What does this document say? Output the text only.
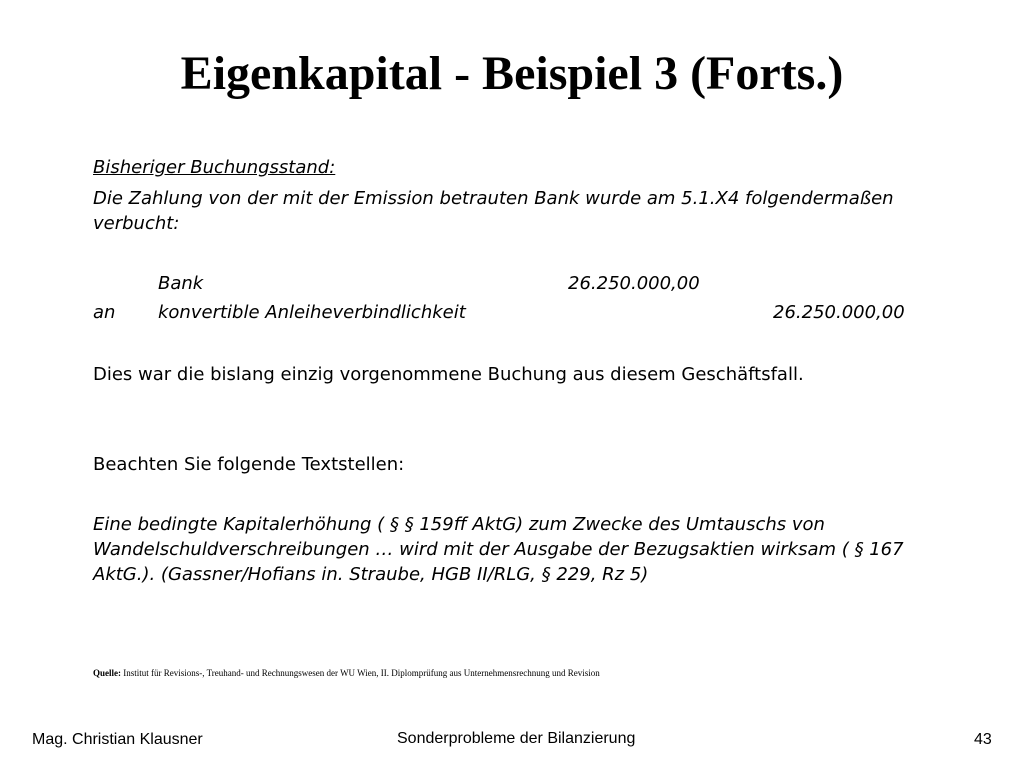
Eigenkapital - Beispiel 3 (Forts.)
Bisheriger Buchungsstand:
Die Zahlung von der mit der Emission betrauten Bank wurde am 5.1.X4 folgendermaßen
verbucht:
Bank	26.250.000,00
an konvertible Anleiheverbindlichkeit	26.250.000,00
Dies war die bislang einzig vorgenommene Buchung aus diesem Geschäftsfall.
Beachten Sie folgende Textstellen:
Eine bedingte Kapitalerhöhung ( § § 159ff AktG) zum Zwecke des Umtauschs von
Wandelschuldverschreibungen … wird mit der Ausgabe der Bezugsaktien wirksam ( § 167
AktG.). (Gassner/Hofians in. Straube, HGB II/RLG, § 229, Rz 5)
Quelle: Institut für Revisions-, Treuhand- und Rechnungswesen der WU Wien, II. Diplomprüfung aus Unternehmensrechnung und Revision
Mag. Christian Klausner	Sonderprobleme der Bilanzierung	43
